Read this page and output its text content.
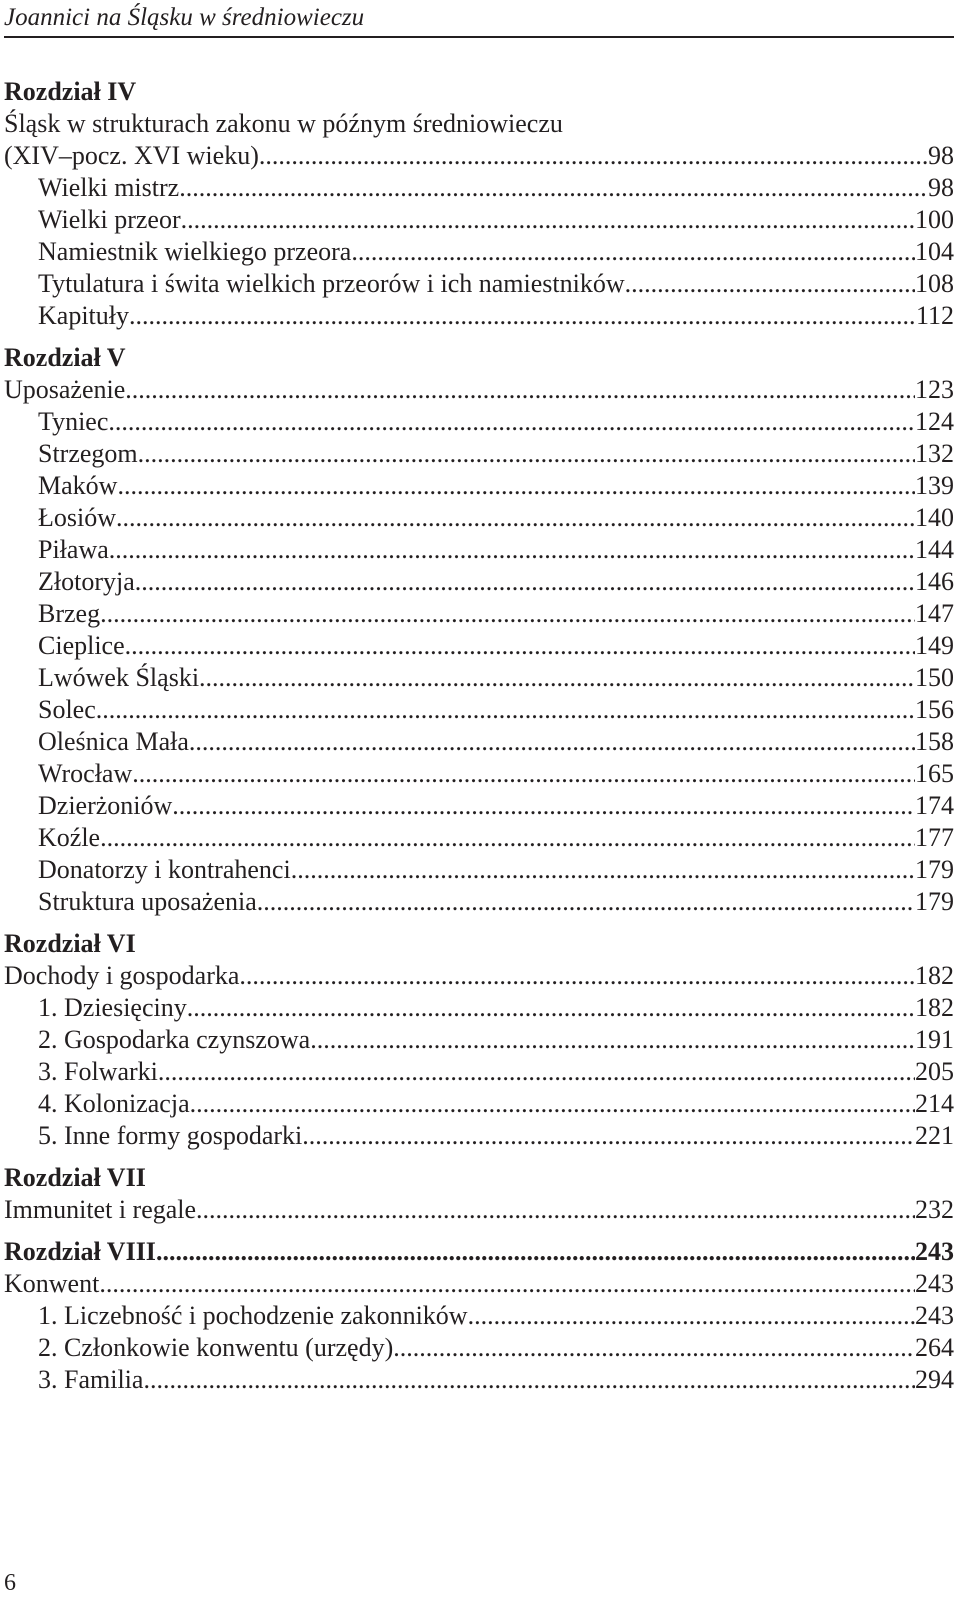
Joannici na Śląsku w średniowieczu
Rozdział IV
Śląsk w strukturach zakonu w późnym średniowieczu
(XIV–pocz. XVI wieku) .....	98
Wielki mistrz .....	98
Wielki przeor .....	100
Namiestnik wielkiego przeora .....	104
Tytulatura i świta wielkich przeorów i ich namiestników .....	108
Kapituły .....	112
Rozdział V
Uposażenie .....	123
Tyniec .....	124
Strzegom .....	132
Maków .....	139
Łosiów .....	140
Piława .....	144
Złotoryja .....	146
Brzeg .....	147
Cieplice .....	149
Lwówek Śląski .....	150
Solec .....	156
Oleśnica Mała .....	158
Wrocław .....	165
Dzierżoniów .....	174
Koźle .....	177
Donatorzy i kontrahenci .....	179
Struktura uposażenia .....	179
Rozdział VI
Dochody i gospodarka .....	182
1. Dziesięciny .....	182
2. Gospodarka czynszowa .....	191
3. Folwarki .....	205
4. Kolonizacja .....	214
5. Inne formy gospodarki .....	221
Rozdział VII
Immunitet i regale .....	232
Rozdział VIII .....	243
Konwent .....	243
1. Liczebność i pochodzenie zakonników .....	243
2. Członkowie konwentu (urzędy) .....	264
3. Familia .....	294
6
